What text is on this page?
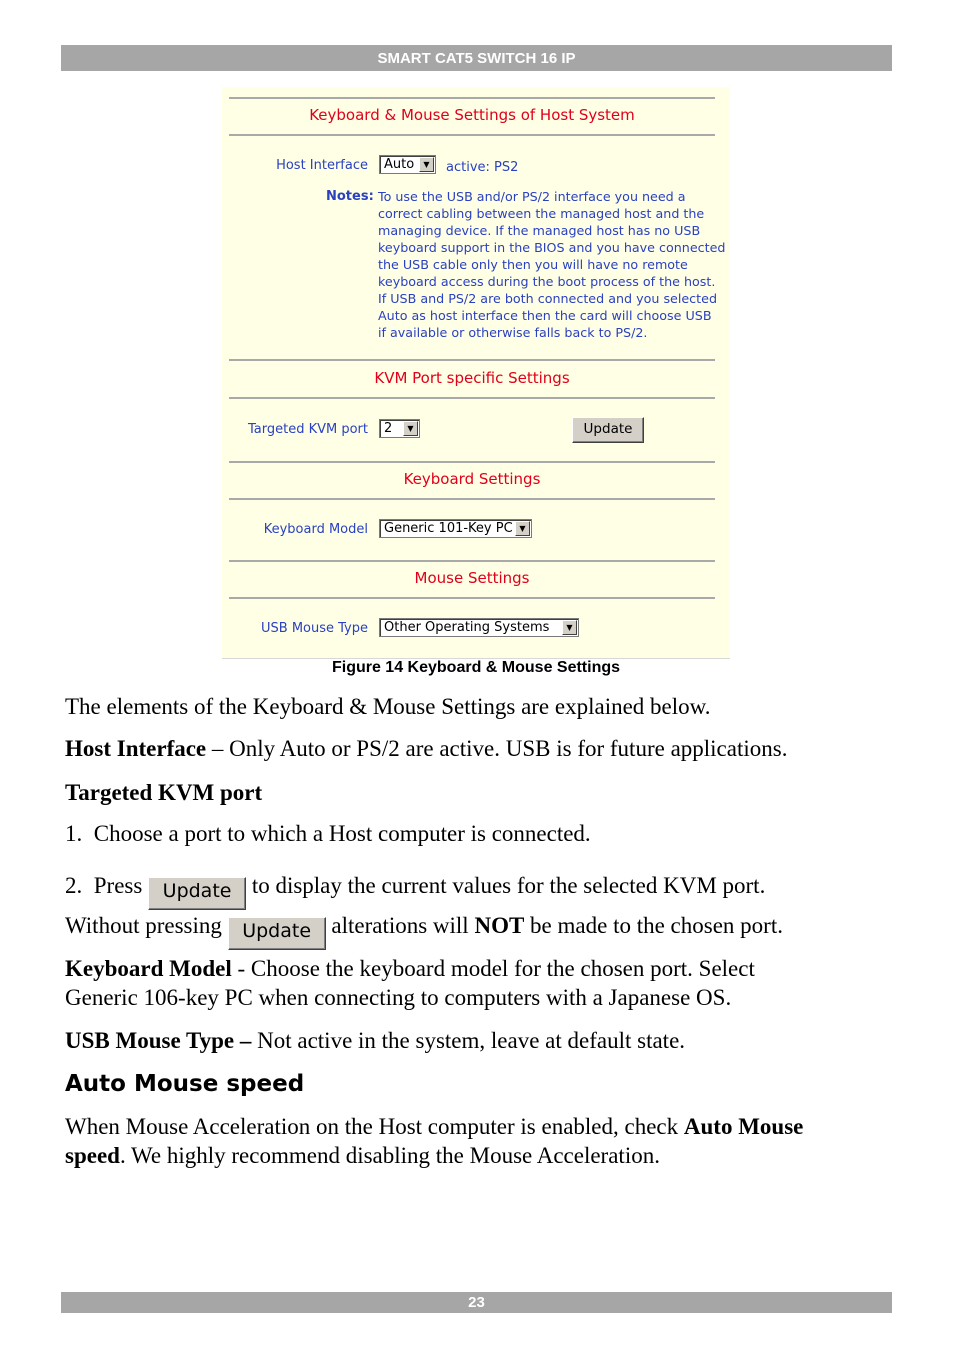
SMART CAT5 SWITCH 16 IP
Keyboard & Mouse Settings of Host System
Host Interface	Auto	▼	active: PS2
Notes: To use the USB and/or PS/2 interface you need a
correct cabling between the managed host and the
managing device. If the managed host has no USB
keyboard support in the BIOS and you have connected
the USB cable only then you will have no remote
keyboard access during the boot process of the host.
If USB and PS/2 are both connected and you selected
Auto as host interface then the card will choose USB
if available or otherwise falls back to PS/2.
KVM Port specific Settings
Targeted KVM port	2	▼	Update
Keyboard Settings
Keyboard Model	Generic 101-Key PC ▼
Mouse Settings
USB Mouse Type	Other Operating Systems	▼
Figure 14 Keyboard & Mouse Settings
The elements of the Keyboard & Mouse Settings are explained below.
Host Interface – Only Auto or PS/2 are active. USB is for future applications.
Targeted KVM port
1.  Choose a port to which a Host computer is connected.
2.  Press Update to display the current values for the selected KVM port.
Without pressing Update alterations will NOT be made to the chosen port.
Keyboard Model - Choose the keyboard model for the chosen port. Select
Generic 106-key PC when connecting to computers with a Japanese OS.
USB Mouse Type – Not active in the system, leave at default state.
Auto Mouse speed
When Mouse Acceleration on the Host computer is enabled, check Auto Mouse
speed. We highly recommend disabling the Mouse Acceleration.
23
